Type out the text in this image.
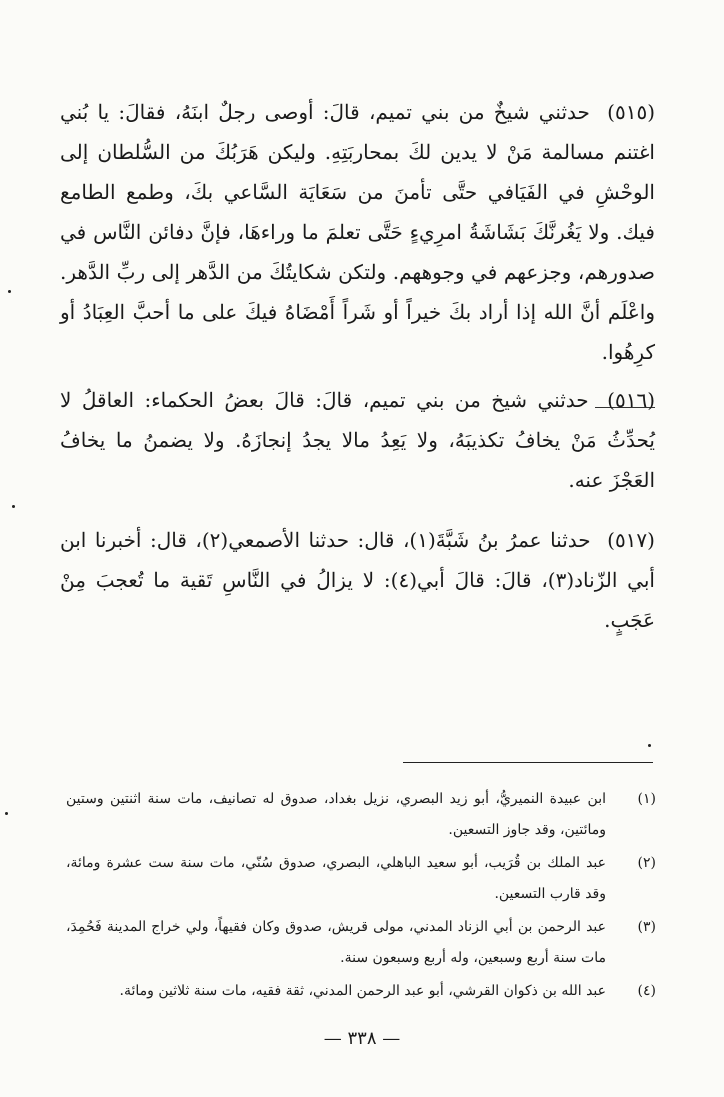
(٥١٥) حدثني شيخٌ من بني تميم، قالَ: أوصى رجلٌ ابنَهُ، فقالَ: يا بُني اغتنم مسالمة مَنْ لا يدين لكَ بمحاربَتِهِ. وليكن هَرَبُكَ من السُّلطان إلى الوحْشِ في الفَيَافي حتَّى تأمنَ من سَعَايَة السَّاعي بكَ، وطمع الطامع فيك. ولا يَغُرنَّكَ بَشَاشَةُ امرِيءٍ حَتَّى تعلمَ ما وراءهَا، فإنَّ دفائن النَّاس في صدورهم، وجزعهم في وجوههم. ولتكن شكايتُكَ من الدَّهر إلى ربِّ الدَّهر. واعْلَم أنَّ الله إذا أراد بكَ خيراً أو شَراً أَمْضَاهُ فيكَ على ما أحبَّ العِبَادُ أو كرِهُوا.
(٥١٦) حدثني شيخ من بني تميم، قالَ: قالَ بعضُ الحكماء: العاقلُ لا يُحدِّثُ مَنْ يخافُ تكذيبَهُ، ولا يَعِدُ مالا يجدُ إنجازَهُ. ولا يضمنُ ما يخافُ العَجْزَ عنه.
(٥١٧) حدثنا عمرُ بنُ شَبَّةَ(١)، قال: حدثنا الأصمعي(٢)، قال: أخبرنا ابن أبي الزّناد(٣)، قالَ: قالَ أبي(٤): لا يزالُ في النَّاسِ تَقية ما تُعجبَ مِنْ عَجَبٍ.
(١)
ابن عبيدة النميريُّ، أبو زيد البصري، نزيل بغداد، صدوق له تصانيف، مات سنة اثنتين وستين ومائتين، وقد جاوز التسعين.
(٢)
عبد الملك بن قُرَيب، أبو سعيد الباهلي، البصري، صدوق سُنّي، مات سنة ست عشرة ومائة، وقد قارب التسعين.
(٣)
عبد الرحمن بن أبي الزناد المدني، مولى قريش، صدوق وكان فقيهاً، ولي خراج المدينة فَحُمِدَ، مات سنة أربع وسبعين، وله أربع وسبعون سنة.
(٤)
عبد الله بن ذكوان القرشي، أبو عبد الرحمن المدني، ثقة فقيه، مات سنة ثلاثين ومائة.
— ٣٣٨ —
